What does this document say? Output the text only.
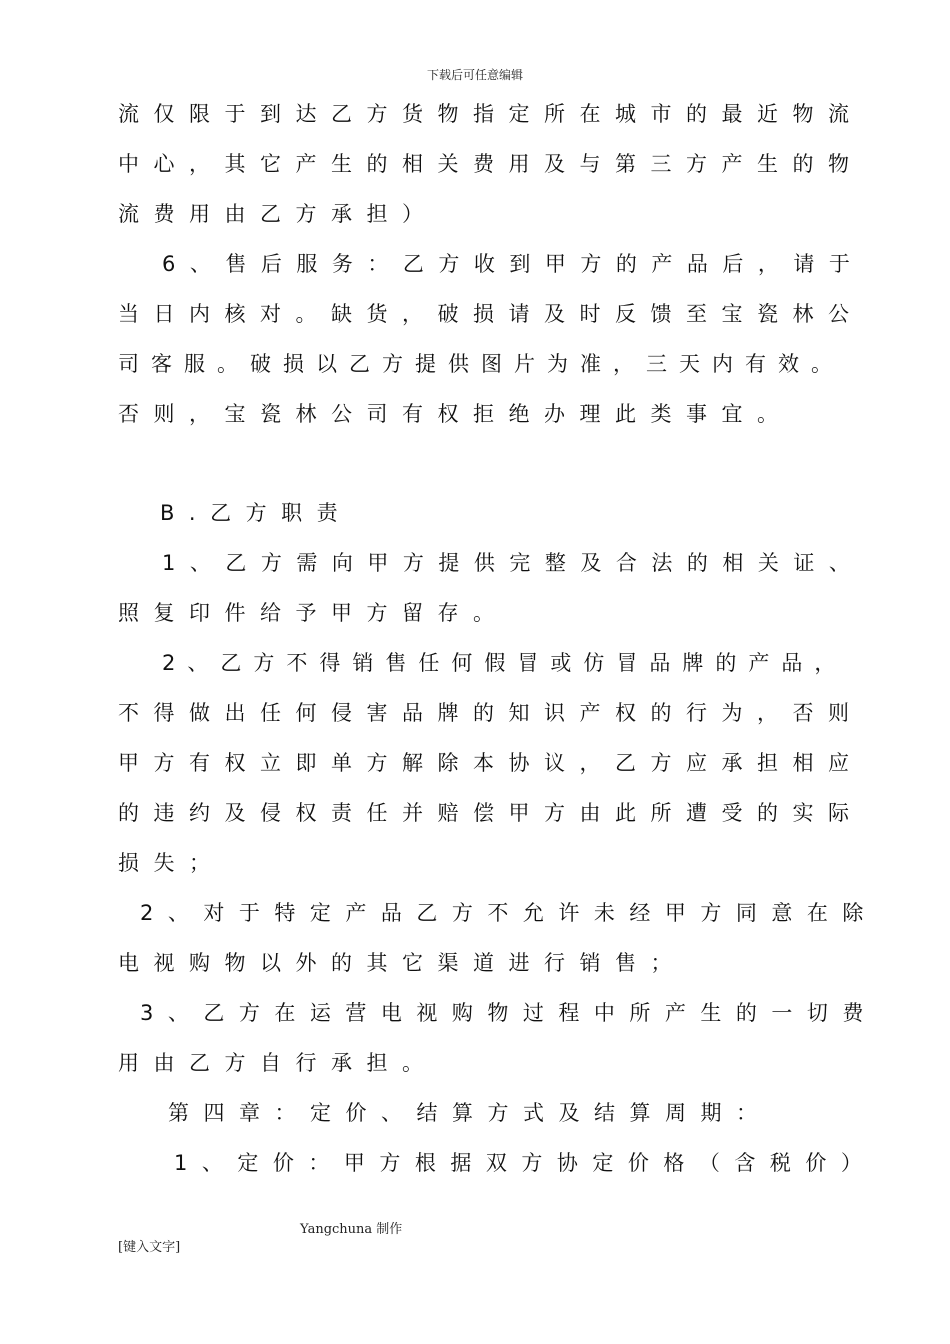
下载后可任意编辑
流仅限于到达乙方货物指定所在城市的最近物流
中心，其它产生的相关费用及与第三方产生的物
流费用由乙方承担）
6、售后服务：乙方收到甲方的产品后，请于
当日内核对。缺货，破损请及时反馈至宝瓷林公
司客服。破损以乙方提供图片为准，三天内有效。
否则，宝瓷林公司有权拒绝办理此类事宜。
B.乙方职责
1、乙方需向甲方提供完整及合法的相关证、
照复印件给予甲方留存。
2、乙方不得销售任何假冒或仿冒品牌的产品，
不得做出任何侵害品牌的知识产权的行为，否则
甲方有权立即单方解除本协议，乙方应承担相应
的违约及侵权责任并赔偿甲方由此所遭受的实际
损失；
2、对于特定产品乙方不允许未经甲方同意在除
电视购物以外的其它渠道进行销售；
3、乙方在运营电视购物过程中所产生的一切费
用由乙方自行承担。
第四章：定价、结算方式及结算周期：
1、定价：甲方根据双方协定价格（含税价）
Yangchuna 制作
[键入文字]
